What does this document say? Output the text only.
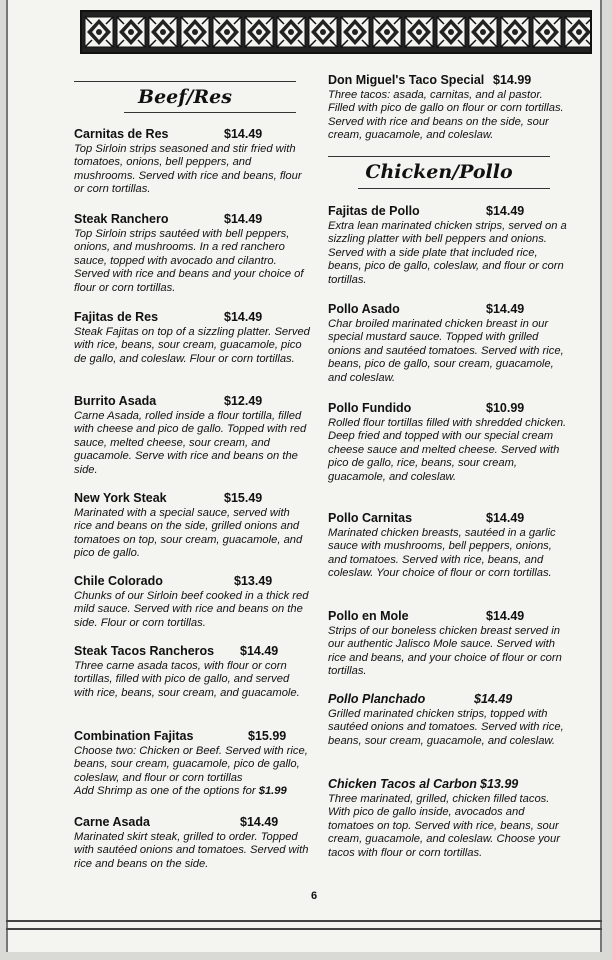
Beef/Res
Carnitas de Res	$14.49
Top Sirloin strips seasoned and stir fried with tomatoes, onions, bell peppers, and mushrooms. Served with rice and beans, flour or corn tortillas.
Steak Ranchero	$14.49
Top Sirloin strips sautéed with bell peppers, onions, and mushrooms. In a red ranchero sauce, topped with avocado and cilantro. Served with rice and beans and your choice of flour or corn tortillas.
Fajitas de Res	$14.49
Steak Fajitas on top of a sizzling platter. Served with rice, beans, sour cream, guacamole, pico de gallo, and coleslaw. Flour or corn tortillas.
Burrito Asada	$12.49
Carne Asada, rolled inside a flour tortilla, filled with cheese and pico de gallo. Topped with red sauce, melted cheese, sour cream, and guacamole. Serve with rice and beans on the side.
New York Steak	$15.49
Marinated with a special sauce, served with rice and beans on the side, grilled onions and tomatoes on top, sour cream, guacamole, and pico de gallo.
Chile Colorado	$13.49
Chunks of our Sirloin beef cooked in a thick red mild sauce. Served with rice and beans on the side. Flour or corn tortillas.
Steak Tacos Rancheros $14.49
Three carne asada tacos, with flour or corn tortillas, filled with pico de gallo, and served with rice, beans, sour cream, and guacamole.
Combination Fajitas	$15.99
Choose two: Chicken or Beef. Served with rice, beans, sour cream, guacamole, pico de gallo, coleslaw, and flour or corn tortillas
Add Shrimp as one of the options for $1.99
Carne Asada	$14.49
Marinated skirt steak, grilled to order. Topped with sautéed onions and tomatoes. Served with rice and beans on the side.
Don Miguel's Taco Special $14.99
Three tacos: asada, carnitas, and al pastor. Filled with pico de gallo on flour or corn tortillas. Served with rice and beans on the side, sour cream, guacamole, and coleslaw.
Chicken/Pollo
Fajitas de Pollo	$14.49
Extra lean marinated chicken strips, served on a sizzling platter with bell peppers and onions. Served with a side plate that included rice, beans, pico de gallo, coleslaw, and flour or corn tortillas.
Pollo Asado	$14.49
Char broiled marinated chicken breast in our special mustard sauce. Topped with grilled onions and sautéed tomatoes. Served with rice, beans, pico de gallo, sour cream, guacamole, and coleslaw.
Pollo Fundido	$10.99
Rolled flour tortillas filled with shredded chicken. Deep fried and topped with our special cream cheese sauce and melted cheese. Served with pico de gallo, rice, beans, sour cream, guacamole, and coleslaw.
Pollo Carnitas	$14.49
Marinated chicken breasts, sautéed in a garlic sauce with mushrooms, bell peppers, onions, and tomatoes. Served with rice, beans, and coleslaw. Your choice of flour or corn tortillas.
Pollo en Mole	$14.49
Strips of our boneless chicken breast served in our authentic Jalisco Mole sauce. Served with rice and beans, and your choice of flour or corn tortillas.
Pollo Planchado	$14.49
Grilled marinated chicken strips, topped with sautéed onions and tomatoes. Served with rice, beans, sour cream, guacamole, and coleslaw.
Chicken Tacos al Carbon $13.99
Three marinated, grilled, chicken filled tacos. With pico de gallo inside, avocados and tomatoes on top. Served with rice, beans, sour cream, guacamole, and coleslaw. Choose your tacos with flour or corn tortillas.
6
